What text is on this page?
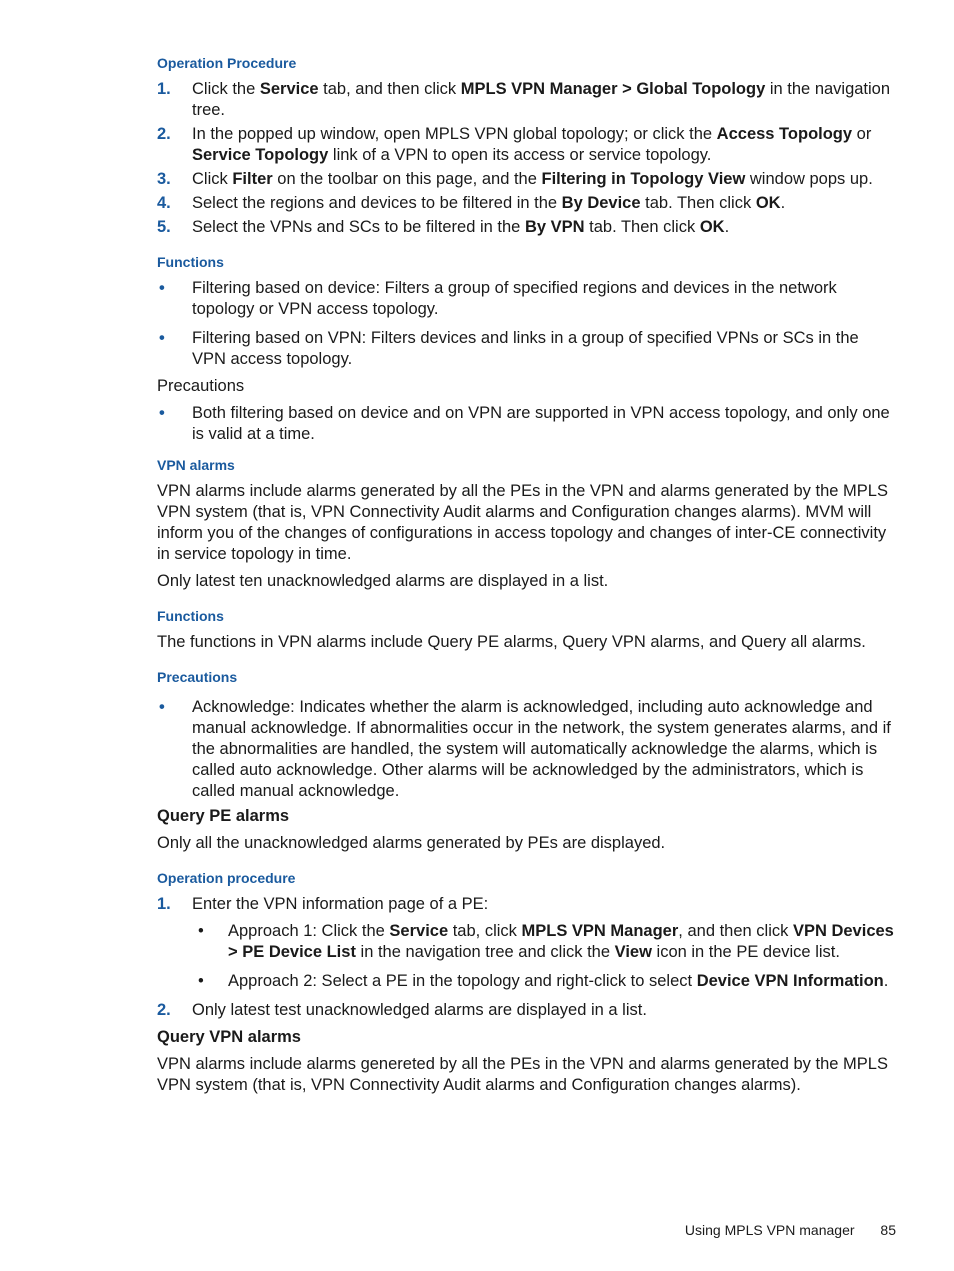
Operation Procedure
1. Click the Service tab, and then click MPLS VPN Manager > Global Topology in the navigation tree.
2. In the popped up window, open MPLS VPN global topology; or click the Access Topology or Service Topology link of a VPN to open its access or service topology.
3. Click Filter on the toolbar on this page, and the Filtering in Topology View window pops up.
4. Select the regions and devices to be filtered in the By Device tab. Then click OK.
5. Select the VPNs and SCs to be filtered in the By VPN tab. Then click OK.
Functions
• Filtering based on device: Filters a group of specified regions and devices in the network topology or VPN access topology.
• Filtering based on VPN: Filters devices and links in a group of specified VPNs or SCs in the VPN access topology.
Precautions
• Both filtering based on device and on VPN are supported in VPN access topology, and only one is valid at a time.
VPN alarms
VPN alarms include alarms generated by all the PEs in the VPN and alarms generated by the MPLS VPN system (that is, VPN Connectivity Audit alarms and Configuration changes alarms). MVM will inform you of the changes of configurations in access topology and changes of inter-CE connectivity in service topology in time.
Only latest ten unacknowledged alarms are displayed in a list.
Functions
The functions in VPN alarms include Query PE alarms, Query VPN alarms, and Query all alarms.
Precautions
• Acknowledge: Indicates whether the alarm is acknowledged, including auto acknowledge and manual acknowledge. If abnormalities occur in the network, the system generates alarms, and if the abnormalities are handled, the system will automatically acknowledge the alarms, which is called auto acknowledge. Other alarms will be acknowledged by the administrators, which is called manual acknowledge.
Query PE alarms
Only all the unacknowledged alarms generated by PEs are displayed.
Operation procedure
1. Enter the VPN information page of a PE:
• Approach 1: Click the Service tab, click MPLS VPN Manager, and then click VPN Devices > PE Device List in the navigation tree and click the View icon in the PE device list.
• Approach 2: Select a PE in the topology and right-click to select Device VPN Information.
2. Only latest test unacknowledged alarms are displayed in a list.
Query VPN alarms
VPN alarms include alarms genereted by all the PEs in the VPN and alarms generated by the MPLS VPN system (that is, VPN Connectivity Audit alarms and Configuration changes alarms).
Using MPLS VPN manager 85
